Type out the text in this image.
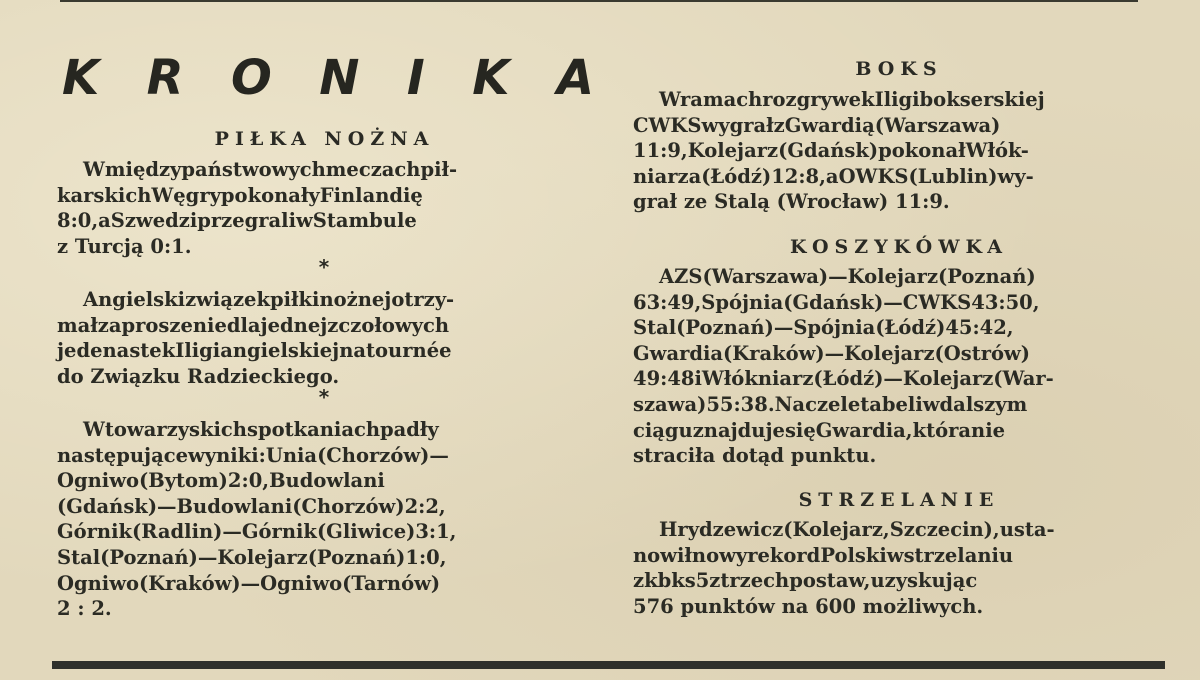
K R O N I K A
PIŁKA NOŻNA
Wmiędzypaństwowychmeczachpił-
karskichWęgrypokonałyFinlandię
8:0,aSzwedziprzegraliwStambule
z Turcją 0:1.
*
Angielskizwiązekpiłkinożnejotrzy-
małzaproszeniedlajednejzczołowych
jedenastekIligiangielskiejnatournée
do Związku Radzieckiego.
*
Wtowarzyskichspotkaniachpadły
następującewyniki:Unia(Chorzów)—
Ogniwo(Bytom)2:0,Budowlani
(Gdańsk)—Budowlani(Chorzów)2:2,
Górnik(Radlin)—Górnik(Gliwice)3:1,
Stal(Poznań)—Kolejarz(Poznań)1:0,
Ogniwo(Kraków)—Ogniwo(Tarnów)
2 : 2.
BOKS
WramachrozgrywekIligibokserskiej
CWKSwygrałzGwardią(Warszawa)
11:9,Kolejarz(Gdańsk)pokonałWłók-
niarza(Łódź)12:8,aOWKS(Lublin)wy-
grał ze Stalą (Wrocław) 11:9.
KOSZYKÓWKA
AZS(Warszawa)—Kolejarz(Poznań)
63:49,Spójnia(Gdańsk)—CWKS43:50,
Stal(Poznań)—Spójnia(Łódź)45:42,
Gwardia(Kraków)—Kolejarz(Ostrów)
49:48iWłókniarz(Łódź)—Kolejarz(War-
szawa)55:38.Naczeletabeliwdalszym
ciąguznajdujesięGwardia,któranie
straciła dotąd punktu.
STRZELANIE
Hrydzewicz(Kolejarz,Szczecin),usta-
nowiłnowyrekordPolskiwstrzelaniu
zkbks5ztrzechpostaw,uzyskując
576 punktów na 600 możliwych.
